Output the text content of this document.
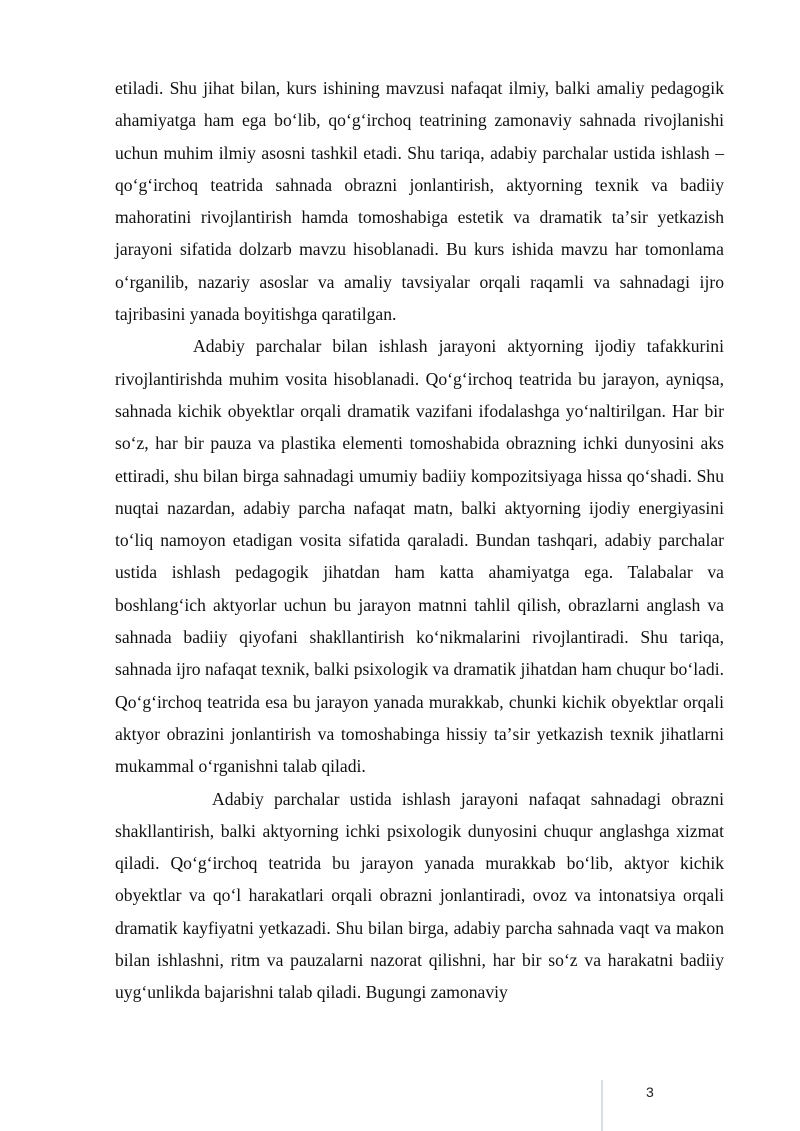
etiladi. Shu jihat bilan, kurs ishining mavzusi nafaqat ilmiy, balki amaliy pedagogik ahamiyatga ham ega boʻlib, qoʻgʻirchoq teatrining zamonaviy sahnada rivojlanishi uchun muhim ilmiy asosni tashkil etadi. Shu tariqa, adabiy parchalar ustida ishlash – qoʻgʻirchoq teatrida sahnada obrazni jonlantirish, aktyorning texnik va badiiy mahoratini rivojlantirish hamda tomoshabiga estetik va dramatik taʼsir yetkazish jarayoni sifatida dolzarb mavzu hisoblanadi. Bu kurs ishida mavzu har tomonlama oʻrganilib, nazariy asoslar va amaliy tavsiyalar orqali raqamli va sahnadagi ijro tajribasini yanada boyitishga qaratilgan.

Adabiy parchalar bilan ishlash jarayoni aktyorning ijodiy tafakkurini rivojlantirishda muhim vosita hisoblanadi. Qoʻgʻirchoq teatrida bu jarayon, ayniqsa, sahnada kichik obyektlar orqali dramatik vazifani ifodalashga yoʻnaltirilgan. Har bir soʻz, har bir pauza va plastika elementi tomoshabida obrazning ichki dunyosini aks ettiradi, shu bilan birga sahnadagi umumiy badiiy kompozitsiyaga hissa qoʻshadi. Shu nuqtai nazardan, adabiy parcha nafaqat matn, balki aktyorning ijodiy energiyasini toʻliq namoyon etadigan vosita sifatida qaraladi. Bundan tashqari, adabiy parchalar ustida ishlash pedagogik jihatdan ham katta ahamiyatga ega. Talabalar va boshlangʻich aktyorlar uchun bu jarayon matnni tahlil qilish, obrazlarni anglash va sahnada badiiy qiyofani shakllantirish koʻnikmalarini rivojlantiradi. Shu tariqa, sahnada ijro nafaqat texnik, balki psixologik va dramatik jihatdan ham chuqur boʻladi. Qoʻgʻirchoq teatrida esa bu jarayon yanada murakkab, chunki kichik obyektlar orqali aktyor obrazini jonlantirish va tomoshabinga hissiy taʼsir yetkazish texnik jihatlarni mukammal oʻrganishni talab qiladi.

Adabiy parchalar ustida ishlash jarayoni nafaqat sahnadagi obrazni shakllantirish, balki aktyorning ichki psixologik dunyosini chuqur anglashga xizmat qiladi. Qoʻgʻirchoq teatrida bu jarayon yanada murakkab boʻlib, aktyor kichik obyektlar va qoʻl harakatlari orqali obrazni jonlantiradi, ovoz va intonatsiya orqali dramatik kayfiyatni yetkazadi. Shu bilan birga, adabiy parcha sahnada vaqt va makon bilan ishlashni, ritm va pauzalarni nazorat qilishni, har bir soʻz va harakatni badiiy uygʻunlikda bajarishni talab qiladi. Bugungi zamonaviy

3
